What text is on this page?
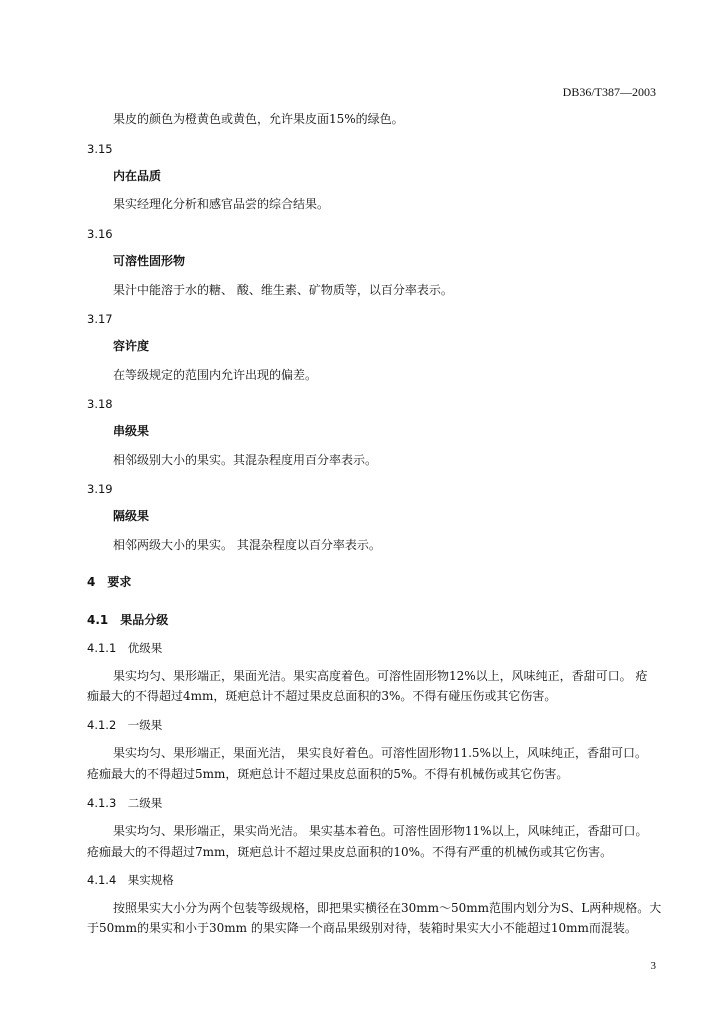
DB36/T387—2003
果皮的颜色为橙黄色或黄色，允许果皮面15%的绿色。
3.15
内在品质
果实经理化分析和感官品尝的综合结果。
3.16
可溶性固形物
果汁中能溶于水的糖、 酸、维生素、矿物质等，以百分率表示。
3.17
容许度
在等级规定的范围内允许出现的偏差。
3.18
串级果
相邻级别大小的果实。其混杂程度用百分率表示。
3.19
隔级果
相邻两级大小的果实。 其混杂程度以百分率表示。
4　要求
4.1　果品分级
4.1.1　优级果
果实均匀、果形端正，果面光洁。果实高度着色。可溶性固形物12%以上，风味纯正，香甜可口。 疮
痂最大的不得超过4mm，斑疤总计不超过果皮总面积的3%。不得有碰压伤或其它伤害。
4.1.2　一级果
果实均匀、果形端正，果面光洁， 果实良好着色。可溶性固形物11.5%以上，风味纯正，香甜可口。
疮痂最大的不得超过5mm，斑疤总计不超过果皮总面积的5%。不得有机械伤或其它伤害。
4.1.3　二级果
果实均匀、果形端正，果实尚光洁。 果实基本着色。可溶性固形物11%以上，风味纯正，香甜可口。
疮痂最大的不得超过7mm，斑疤总计不超过果皮总面积的10%。不得有严重的机械伤或其它伤害。
4.1.4　果实规格
按照果实大小分为两个包装等级规格，即把果实横径在30mm～50mm范围内划分为S、L两种规格。大
于50mm的果实和小于30mm 的果实降一个商品果级别对待，装箱时果实大小不能超过10mm而混装。
3
